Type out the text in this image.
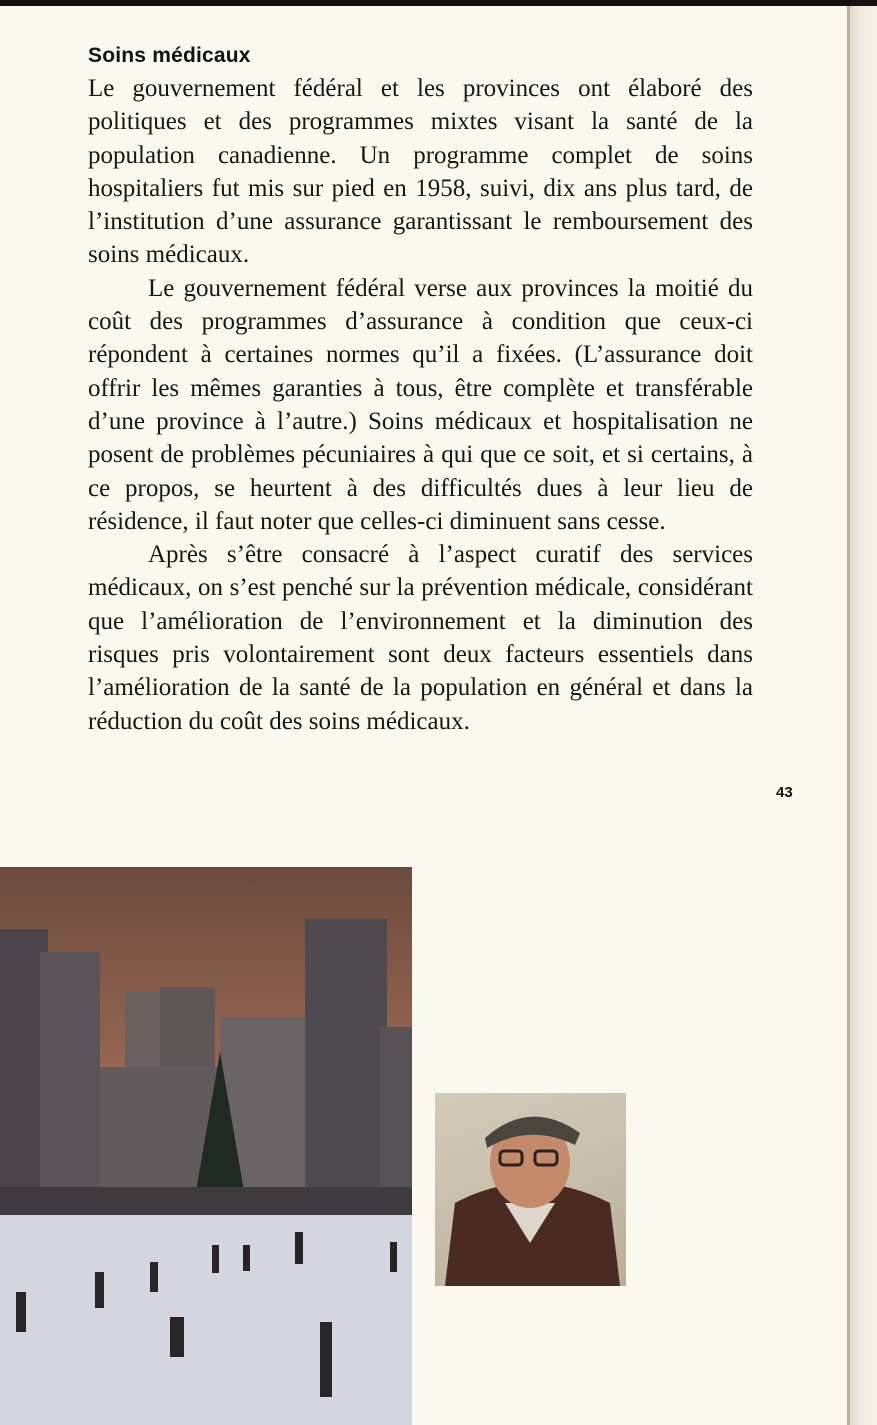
Soins médicaux

Le gouvernement fédéral et les provinces ont élaboré des politiques et des programmes mixtes visant la santé de la population canadienne. Un programme complet de soins hospitaliers fut mis sur pied en 1958, suivi, dix ans plus tard, de l’institution d’une assurance garantissant le remboursement des soins médicaux.

Le gouvernement fédéral verse aux provinces la moitié du coût des programmes d’assurance à condition que ceux-ci répondent à certaines normes qu’il a fixées. (L’assurance doit offrir les mêmes garanties à tous, être complète et transférable d’une province à l’autre.) Soins médicaux et hospitalisation ne posent de problèmes pécuniaires à qui que ce soit, et si certains, à ce propos, se heurtent à des difficultés dues à leur lieu de résidence, il faut noter que celles-ci diminuent sans cesse.

Après s’être consacré à l’aspect curatif des services médicaux, on s’est penché sur la prévention médicale, considérant que l’amélioration de l’environnement et la diminution des risques pris volontairement sont deux facteurs essentiels dans l’amélioration de la santé de la population en général et dans la réduction du coût des soins médicaux.

43
